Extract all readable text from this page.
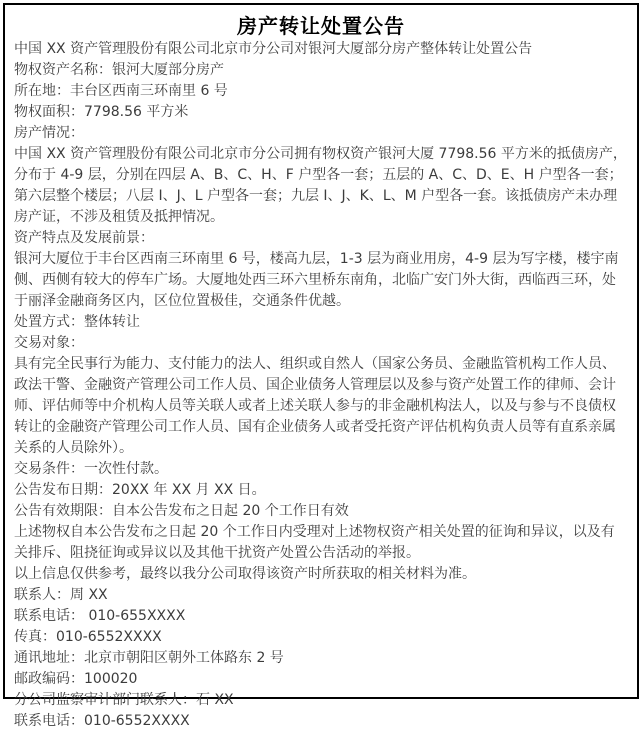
房产转让处置公告

中国 XX 资产管理股份有限公司北京市分公司对银河大厦部分房产整体转让处置公告

物权资产名称：银河大厦部分房产

所在地：丰台区西南三环南里 6 号

物权面积：7798.56 平方米

房产情况：

中国 XX 资产管理股份有限公司北京市分公司拥有物权资产银河大厦 7798.56 平方米的抵债房产，分布于 4-9 层，分别在四层 A、B、C、H、F 户型各一套；五层的 A、C、D、E、H 户型各一套；第六层整个楼层；八层 I、J、L 户型各一套；九层 I、J、K、L、M 户型各一套。该抵债房产未办理房产证，不涉及租赁及抵押情况。

资产特点及发展前景：

银河大厦位于丰台区西南三环南里 6 号，楼高九层，1-3 层为商业用房，4-9 层为写字楼，楼宇南侧、西侧有较大的停车广场。大厦地处西三环六里桥东南角，北临广安门外大街，西临西三环，处于丽泽金融商务区内，区位位置极佳，交通条件优越。

处置方式：整体转让

交易对象：

具有完全民事行为能力、支付能力的法人、组织或自然人（国家公务员、金融监管机构工作人员、政法干警、金融资产管理公司工作人员、国企业债务人管理层以及参与资产处置工作的律师、会计师、评估师等中介机构人员等关联人或者上述关联人参与的非金融机构法人，以及与参与不良债权转让的金融资产管理公司工作人员、国有企业债务人或者受托资产评估机构负责人员等有直系亲属关系的人员除外）。

交易条件：一次性付款。

公告发布日期：20XX 年 XX 月 XX 日。

公告有效期限：自本公告发布之日起 20 个工作日有效

上述物权自本公告发布之日起 20 个工作日内受理对上述物权资产相关处置的征询和异议，以及有关排斥、阻挠征询或异议以及其他干扰资产处置公告活动的举报。

以上信息仅供参考，最终以我分公司取得该资产时所获取的相关材料为准。

联系人：周 XX

联系电话： 010-655XXXX

传真：010-6552XXXX

通讯地址：北京市朝阳区朝外工体路东 2 号

邮政编码：100020

分公司监察审计部门联系人：石 XX

联系电话：010-6552XXXX
